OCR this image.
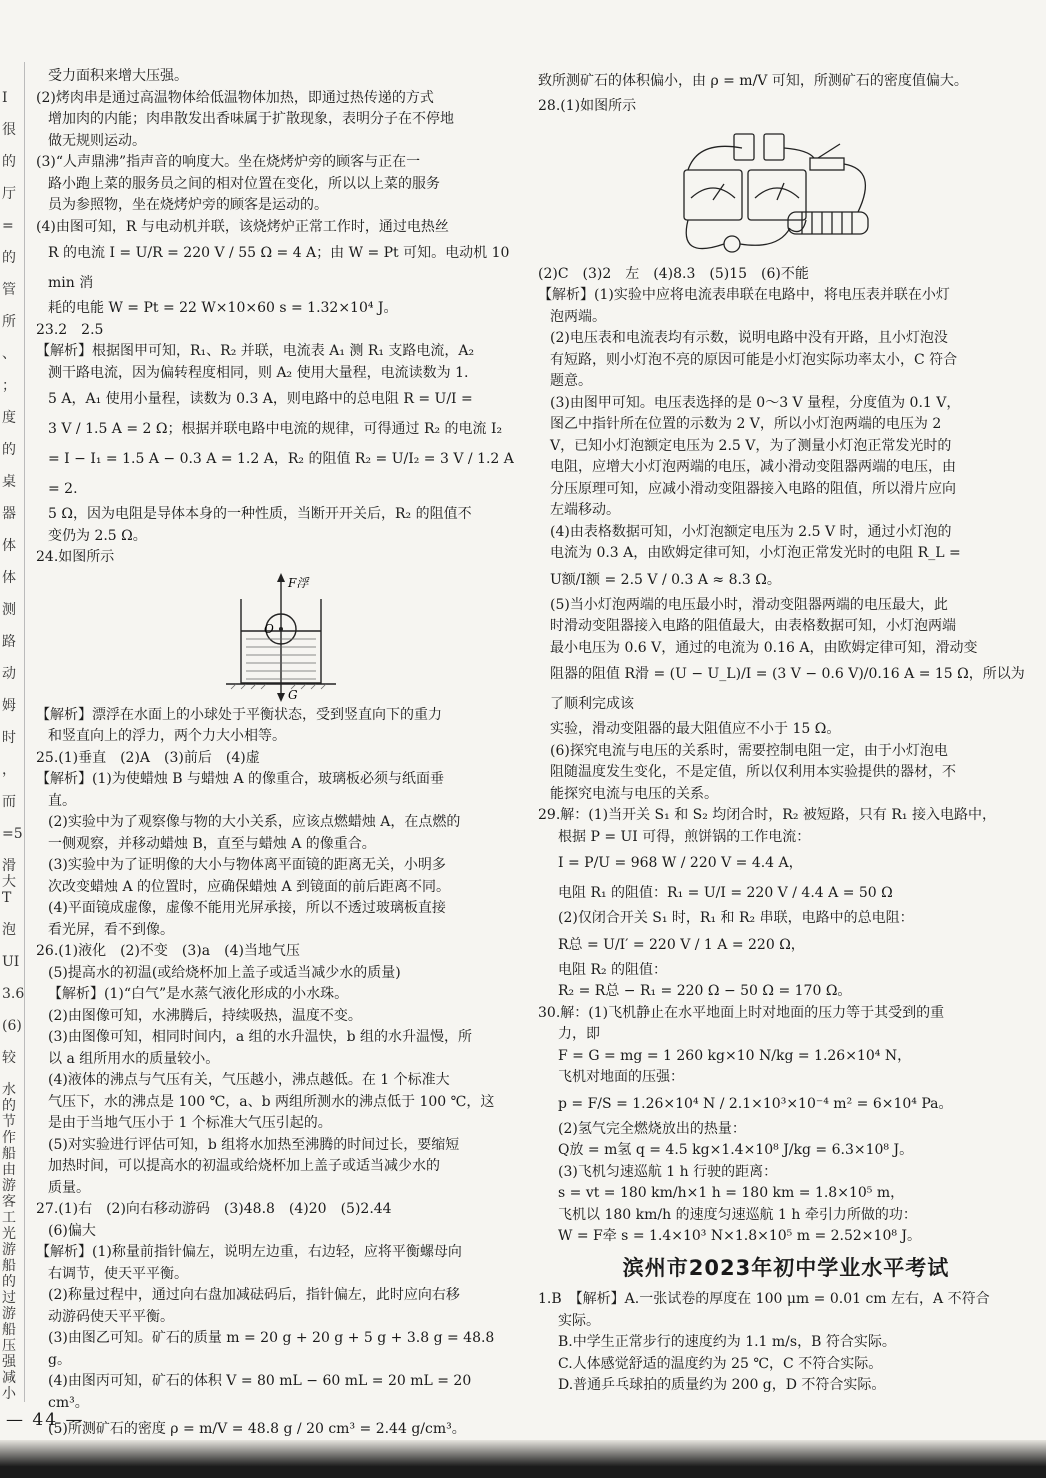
I
很
的
厅
=
的
管
所
、
；
度
的
桌
器
体
体
测
路
动
姆
时
，
而
=5
滑大
T
泡
UI
3.6
(6)
较
水的
节作
船由
游客
工光
游船
的过
游船
压强
减小

受力面积来增大压强。

(2)烤肉串是通过高温物体给低温物体加热，即通过热传递的方式

增加肉的内能；肉串散发出香味属于扩散现象，表明分子在不停地

做无规则运动。

(3)“人声鼎沸”指声音的响度大。坐在烧烤炉旁的顾客与正在一

路小跑上菜的服务员之间的相对位置在变化，所以以上菜的服务

员为参照物，坐在烧烤炉旁的顾客是运动的。

(4)由图可知，R 与电动机并联，该烧烤炉正常工作时，通过电热丝

R 的电流 I = U/R = 220 V / 55 Ω = 4 A；由 W = Pt 可知。电动机 10 min 消

耗的电能 W = Pt = 22 W×10×60 s = 1.32×10⁴ J。

23.2　2.5

【解析】根据图甲可知，R₁、R₂ 并联，电流表 A₁ 测 R₁ 支路电流，A₂

测干路电流，因为偏转程度相同，则 A₂ 使用大量程，电流读数为 1.

5 A，A₁ 使用小量程，读数为 0.3 A，则电路中的总电阻 R = U/I =

3 V / 1.5 A = 2 Ω；根据并联电路中电流的规律，可得通过 R₂ 的电流 I₂

= I − I₁ = 1.5 A − 0.3 A = 1.2 A，R₂ 的阻值 R₂ = U/I₂ = 3 V / 1.2 A = 2.

5 Ω，因为电阻是导体本身的一种性质，当断开开关后，R₂ 的阻值不

变仍为 2.5 Ω。

24.如图所示

F浮
O
G

【解析】漂浮在水面上的小球处于平衡状态，受到竖直向下的重力

和竖直向上的浮力，两个力大小相等。

25.(1)垂直　(2)A　(3)前后　(4)虚

【解析】(1)为使蜡烛 B 与蜡烛 A 的像重合，玻璃板必须与纸面垂

直。

(2)实验中为了观察像与物的大小关系，应该点燃蜡烛 A，在点燃的

一侧观察，并移动蜡烛 B，直至与蜡烛 A 的像重合。

(3)实验中为了证明像的大小与物体离平面镜的距离无关，小明多

次改变蜡烛 A 的位置时，应确保蜡烛 A 到镜面的前后距离不同。

(4)平面镜成虚像，虚像不能用光屏承接，所以不透过玻璃板直接

看光屏，看不到像。

26.(1)液化　(2)不变　(3)a　(4)当地气压

(5)提高水的初温(或给烧杯加上盖子或适当减少水的质量)

【解析】(1)“白气”是水蒸气液化形成的小水珠。

(2)由图像可知，水沸腾后，持续吸热，温度不变。

(3)由图像可知，相同时间内，a 组的水升温快，b 组的水升温慢，所

以 a 组所用水的质量较小。

(4)液体的沸点与气压有关，气压越小，沸点越低。在 1 个标准大

气压下，水的沸点是 100 ℃，a、b 两组所测水的沸点低于 100 ℃，这

是由于当地气压小于 1 个标准大气压引起的。

(5)对实验进行评估可知，b 组将水加热至沸腾的时间过长，要缩短

加热时间，可以提高水的初温或给烧杯加上盖子或适当减少水的

质量。

27.(1)右　(2)向右移动游码　(3)48.8　(4)20　(5)2.44

(6)偏大

【解析】(1)称量前指针偏左，说明左边重，右边轻，应将平衡螺母向

右调节，使天平平衡。

(2)称量过程中，通过向右盘加减砝码后，指针偏左，此时应向右移

动游码使天平平衡。

(3)由图乙可知。矿石的质量 m = 20 g + 20 g + 5 g + 3.8 g = 48.8

g。

(4)由图丙可知，矿石的体积 V = 80 mL − 60 mL = 20 mL = 20

cm³。

(5)所测矿石的密度 ρ = m/V = 48.8 g / 20 cm³ = 2.44 g/cm³。

致所测矿石的体积偏小，由 ρ = m/V 可知，所测矿石的密度值偏大。

28.(1)如图所示

(2)C　(3)2　左　(4)8.3　(5)15　(6)不能

【解析】(1)实验中应将电流表串联在电路中，将电压表并联在小灯

泡两端。

(2)电压表和电流表均有示数，说明电路中没有开路，且小灯泡没

有短路，则小灯泡不亮的原因可能是小灯泡实际功率太小，C 符合

题意。

(3)由图甲可知。电压表选择的是 0～3 V 量程，分度值为 0.1 V，

图乙中指针所在位置的示数为 2 V，所以小灯泡两端的电压为 2

V，已知小灯泡额定电压为 2.5 V，为了测量小灯泡正常发光时的

电阻，应增大小灯泡两端的电压，减小滑动变阻器两端的电压，由

分压原理可知，应减小滑动变阻器接入电路的阻值，所以滑片应向

左端移动。

(4)由表格数据可知，小灯泡额定电压为 2.5 V 时，通过小灯泡的

电流为 0.3 A，由欧姆定律可知，小灯泡正常发光时的电阻 R_L =

U额/I额 = 2.5 V / 0.3 A ≈ 8.3 Ω。

(5)当小灯泡两端的电压最小时，滑动变阻器两端的电压最大，此

时滑动变阻器接入电路的阻值最大，由表格数据可知，小灯泡两端

最小电压为 0.6 V，通过的电流为 0.16 A，由欧姆定律可知，滑动变

阻器的阻值 R滑 = (U − U_L)/I = (3 V − 0.6 V)/0.16 A = 15 Ω，所以为了顺利完成该

实验，滑动变阻器的最大阻值应不小于 15 Ω。

(6)探究电流与电压的关系时，需要控制电阻一定，由于小灯泡电

阻随温度发生变化，不是定值，所以仅利用本实验提供的器材，不

能探究电流与电压的关系。

29.解：(1)当开关 S₁ 和 S₂ 均闭合时，R₂ 被短路，只有 R₁ 接入电路中，

根据 P = UI 可得，煎饼锅的工作电流：

I = P/U = 968 W / 220 V = 4.4 A，

电阻 R₁ 的阻值：R₁ = U/I = 220 V / 4.4 A = 50 Ω

(2)仅闭合开关 S₁ 时，R₁ 和 R₂ 串联，电路中的总电阻：

R总 = U/I′ = 220 V / 1 A = 220 Ω，

电阻 R₂ 的阻值：

R₂ = R总 − R₁ = 220 Ω − 50 Ω = 170 Ω。

30.解：(1)飞机静止在水平地面上时对地面的压力等于其受到的重

力，即

F = G = mg = 1 260 kg×10 N/kg = 1.26×10⁴ N，

飞机对地面的压强：

p = F/S = 1.26×10⁴ N / 2.1×10³×10⁻⁴ m² = 6×10⁴ Pa。

(2)氢气完全燃烧放出的热量：

Q放 = m氢 q = 4.5 kg×1.4×10⁸ J/kg = 6.3×10⁸ J。

(3)飞机匀速巡航 1 h 行驶的距离：

s = vt = 180 km/h×1 h = 180 km = 1.8×10⁵ m，

飞机以 180 km/h 的速度匀速巡航 1 h 牵引力所做的功：

W = F牵 s = 1.4×10³ N×1.8×10⁵ m = 2.52×10⁸ J。

滨州市2023年初中学业水平考试

1.B　【解析】A.一张试卷的厚度在 100 μm = 0.01 cm 左右，A 不符合

实际。

B.中学生正常步行的速度约为 1.1 m/s，B 符合实际。

C.人体感觉舒适的温度约为 25 ℃，C 不符合实际。

D.普通乒乓球拍的质量约为 200 g，D 不符合实际。

— 44 —
